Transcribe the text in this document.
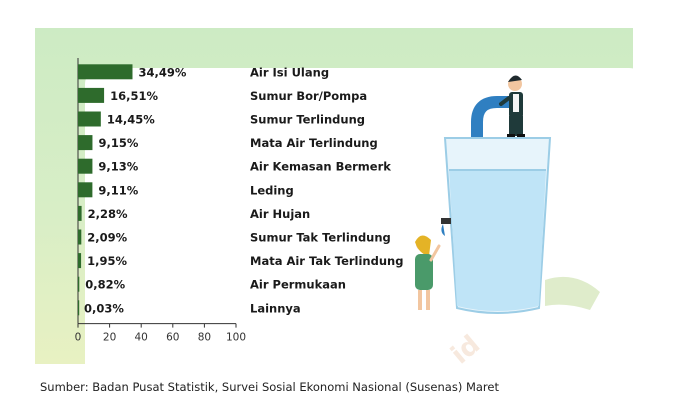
34,49%	Air Isi Ulang
16,51%	Sumur Bor/Pompa
14,45%	Sumur Terlindung
9,15%	Mata Air Terlindung
9,13%	Air Kemasan Bermerk
9,11%	Leding
2,28%	Air Hujan
2,09%	Sumur Tak Terlindung
1,95%	Mata Air Tak Terlindung
0,82%	Air Permukaan
0,03%	Lainnya
0 20 40 60 80 100	id
Sumber: Badan Pusat Statistik, Survei Sosial Ekonomi Nasional (Susenas) Maret
